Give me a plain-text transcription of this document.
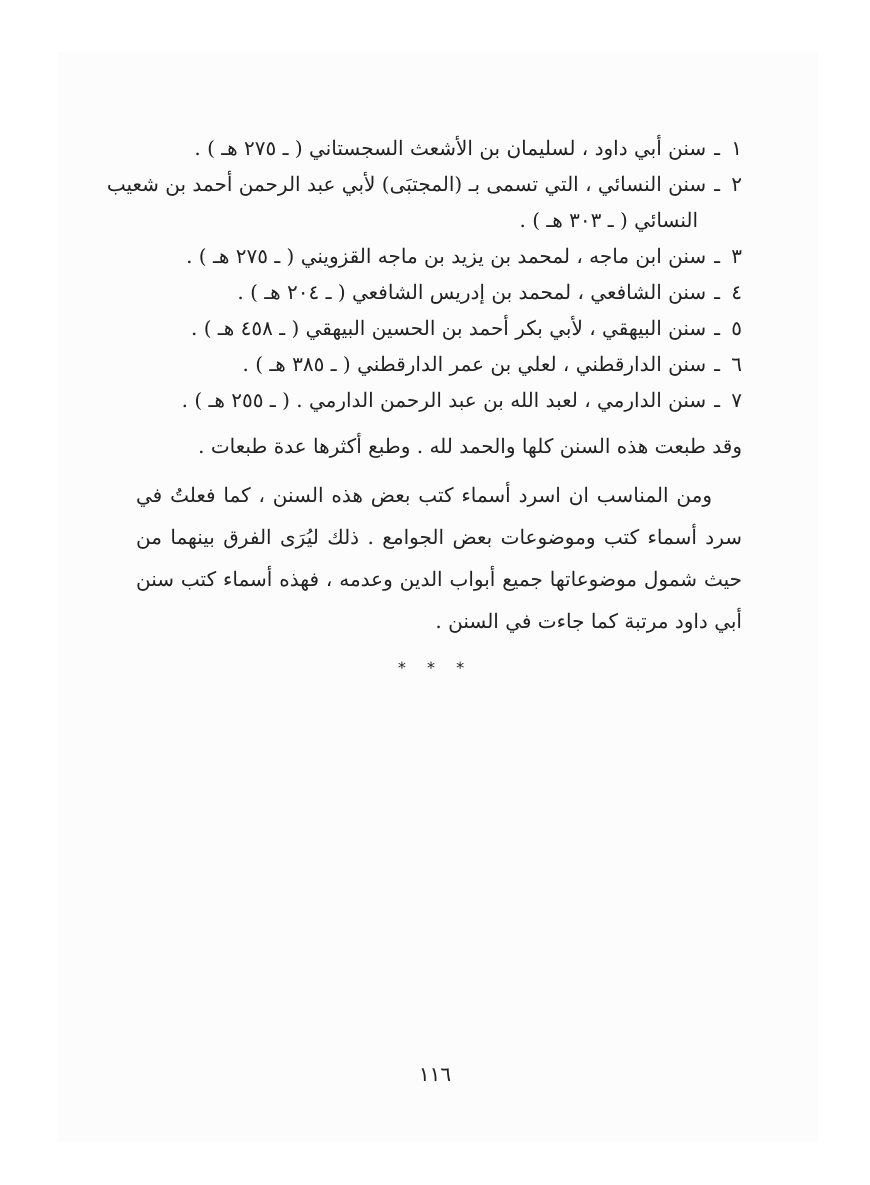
١
ـ
سنن أبي داود ، لسليمان بن الأشعث السجستاني ( ـ ٢٧٥ هـ ) .
٢
ـ
سنن النسائي ، التي تسمى بـ (المجتبَى) لأبي عبد الرحمن أحمد بن شعيب
النسائي ( ـ ٣٠٣ هـ ) .
٣
ـ
سنن ابن ماجه ، لمحمد بن يزيد بن ماجه القزويني ( ـ ٢٧٥ هـ ) .
٤
ـ
سنن الشافعي ، لمحمد بن إدريس الشافعي ( ـ ٢٠٤ هـ ) .
٥
ـ
سنن البيهقي ، لأبي بكر أحمد بن الحسين البيهقي ( ـ ٤٥٨ هـ ) .
٦
ـ
سنن الدارقطني ، لعلي بن عمر الدارقطني ( ـ ٣٨٥ هـ ) .
٧
ـ
سنن الدارمي ، لعبد الله بن عبد الرحمن الدارمي . ( ـ ٢٥٥ هـ ) .
وقد طبعت هذه السنن كلها والحمد لله . وطبع أكثرها عدة طبعات .
ومن المناسب ان اسرد أسماء كتب بعض هذه السنن ، كما فعلتُ في سرد أسماء كتب وموضوعات بعض الجوامع . ذلك ليُرَى الفرق بينهما من حيث شمول موضوعاتها جميع أبواب الدين وعدمه ، فهذه أسماء كتب سنن أبي داود مرتبة كما جاءت في السنن .
* * *
١١٦
